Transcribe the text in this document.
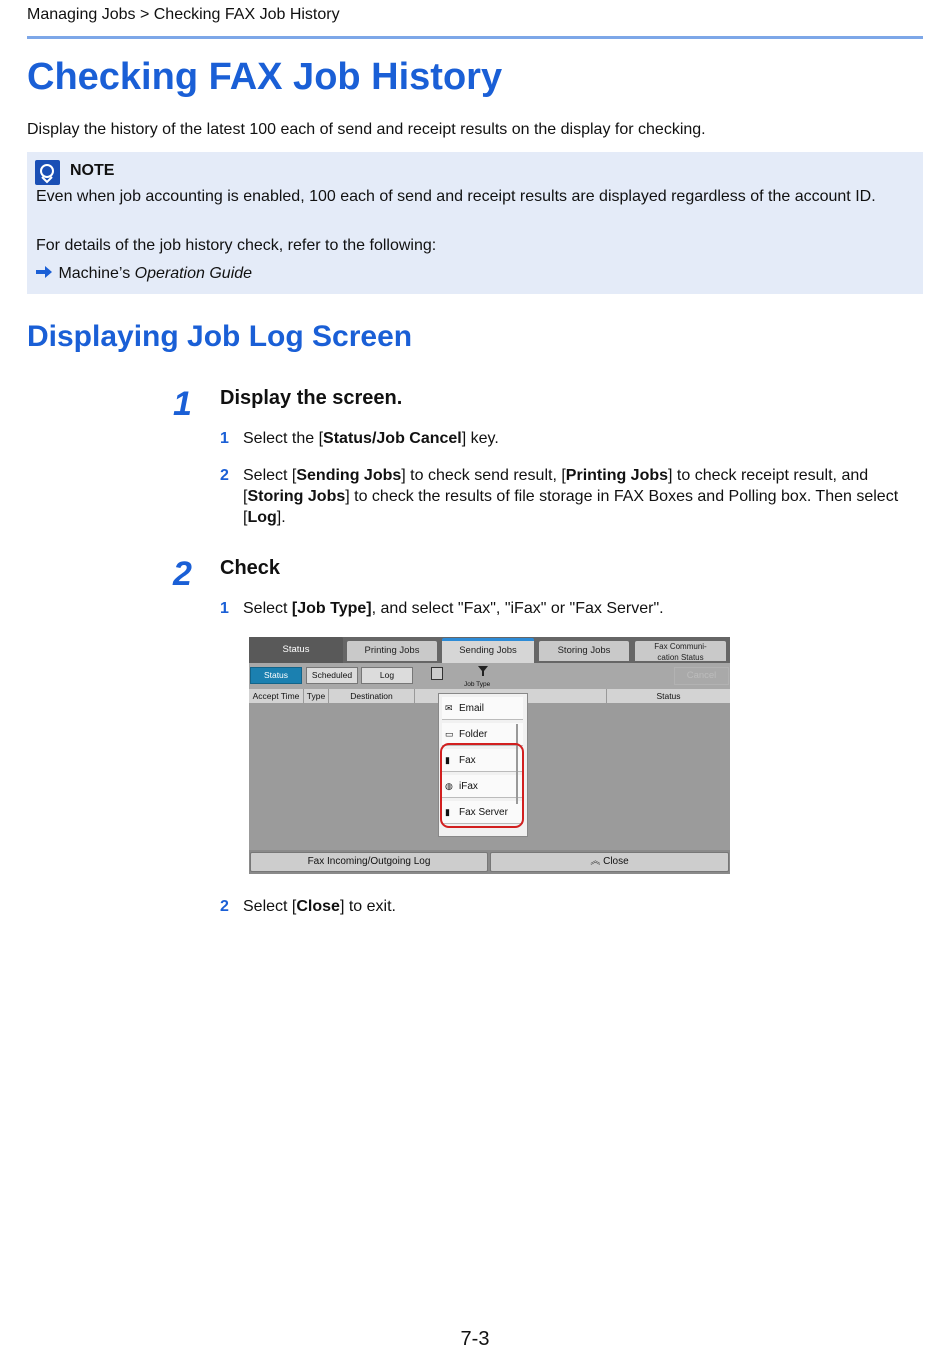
Managing Jobs > Checking FAX Job History
Checking FAX Job History

Display the history of the latest 100 each of send and receipt results on the display for checking.

NOTE

Even when job accounting is enabled, 100 each of send and receipt results are displayed regardless of the account ID.

For details of the job history check, refer to the following:

Machine’s Operation Guide
Displaying Job Log Screen
1 Display the screen.
1 Select the [Status/Job Cancel] key.
2 Select [Sending Jobs] to check send result, [Printing Jobs] to check receipt result, and [Storing Jobs] to check the results of file storage in FAX Boxes and Polling box. Then select [Log].
2 Check
1 Select [Job Type], and select "Fax", "iFax" or "Fax Server".
Status	Printing Jobs	Sending Jobs	Storing Jobs	Fax Communi-
cation Status
Status	Scheduled	Log
Job Type
Cancel
Accept Time Type	Destination	Status
✉ Email
▭ Folder
▮ Fax
◍ iFax
▮ Fax Server
Fax Incoming/Outgoing Log	︽ Close
2 Select [Close] to exit.
7-3
